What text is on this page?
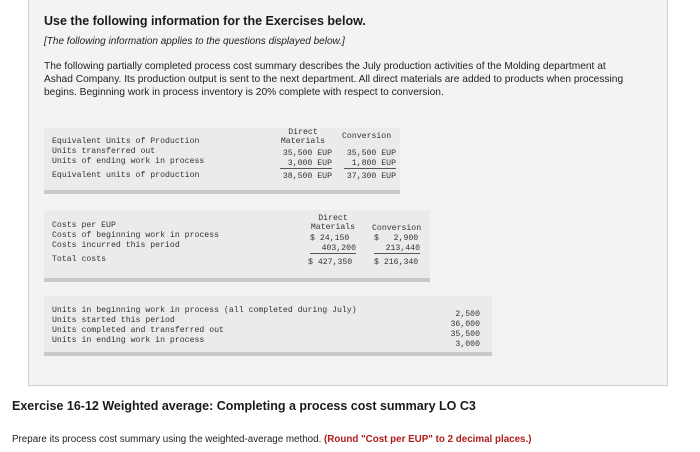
Use the following information for the Exercises below.
[The following information applies to the questions displayed below.]
The following partially completed process cost summary describes the July production activities of the Molding department at Ashad Company. Its production output is sent to the next department. All direct materials are added to products when processing begins. Beginning work in process inventory is 20% complete with respect to conversion.
Direct
Materials
Conversion
Equivalent Units of Production
Units transferred out
Units of ending work in process
Equivalent units of production
35,500 EUP
3,000 EUP
38,500 EUP
35,500 EUP
1,800 EUP
37,300 EUP
Direct
Materials	Conversion
Costs per EUP
Costs of beginning work in process
Costs incurred this period
Total costs
$ 24,150
403,200
$ 427,350
$   2,900
213,440
$ 216,340
Units in beginning work in process (all completed during July)
Units started this period
Units completed and transferred out
Units in ending work in process
2,500
36,000
35,500
3,000
Exercise 16-12 Weighted average: Completing a process cost summary LO C3
Prepare its process cost summary using the weighted-average method. (Round "Cost per EUP" to 2 decimal places.)
